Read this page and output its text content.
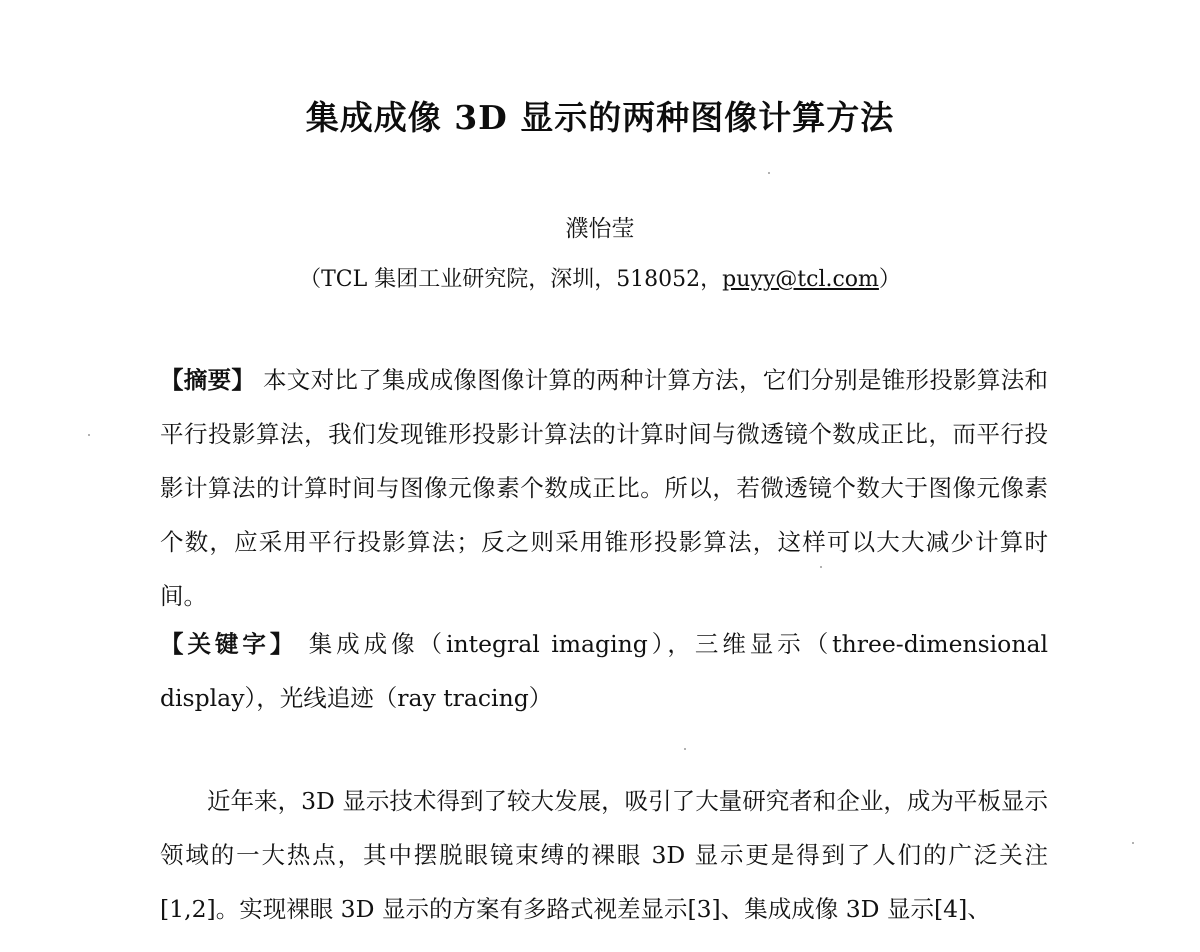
集成成像 3D 显示的两种图像计算方法
濮怡莹
（TCL 集团工业研究院，深圳，518052，puyy@tcl.com）
【摘要】 本文对比了集成成像图像计算的两种计算方法，它们分别是锥形投影算法和平行投影算法，我们发现锥形投影计算法的计算时间与微透镜个数成正比，而平行投影计算法的计算时间与图像元像素个数成正比。所以，若微透镜个数大于图像元像素个数，应采用平行投影算法；反之则采用锥形投影算法，这样可以大大减少计算时间。
【关键字】 集成成像（integral imaging），三维显示（three-dimensional display），光线追迹（ray tracing）
近年来，3D 显示技术得到了较大发展，吸引了大量研究者和企业，成为平板显示领域的一大热点，其中摆脱眼镜束缚的裸眼 3D 显示更是得到了人们的广泛关注[1,2]。实现裸眼 3D 显示的方案有多路式视差显示[3]、集成成像 3D 显示[4]、
